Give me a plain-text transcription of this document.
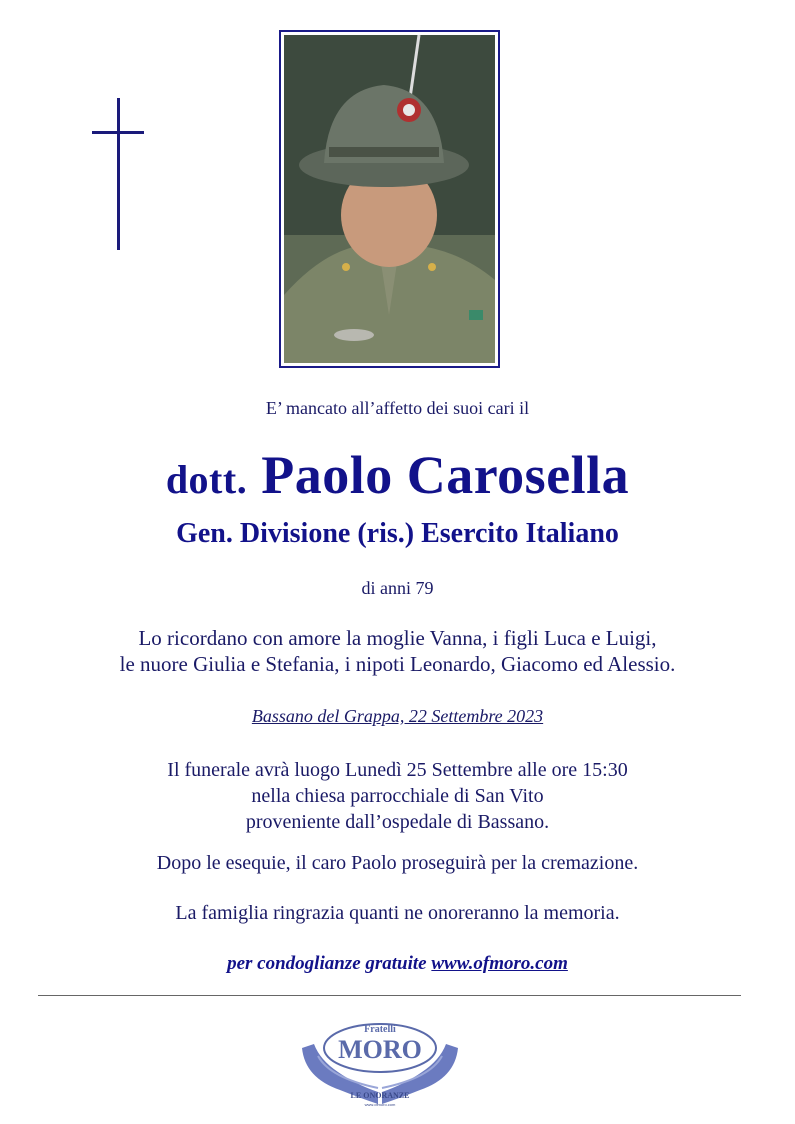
E’ mancato all’affetto dei suoi cari il
dott. Paolo Carosella
Gen. Divisione (ris.) Esercito Italiano
di anni 79
Lo ricordano con amore la moglie Vanna, i figli Luca e Luigi,
le nuore Giulia e Stefania, i nipoti Leonardo, Giacomo ed Alessio.
Bassano del Grappa, 22 Settembre 2023
Il funerale avrà luogo Lunedì 25 Settembre alle ore 15:30
nella chiesa parrocchiale di San Vito
proveniente dall’ospedale di Bassano.
Dopo le esequie, il caro Paolo proseguirà per la cremazione.
La famiglia ringrazia quanti ne onoreranno la memoria.
per condoglianze gratuite www.ofmoro.com
Fratelli
MORO
LE ONORANZE
www.ofmoro.com
